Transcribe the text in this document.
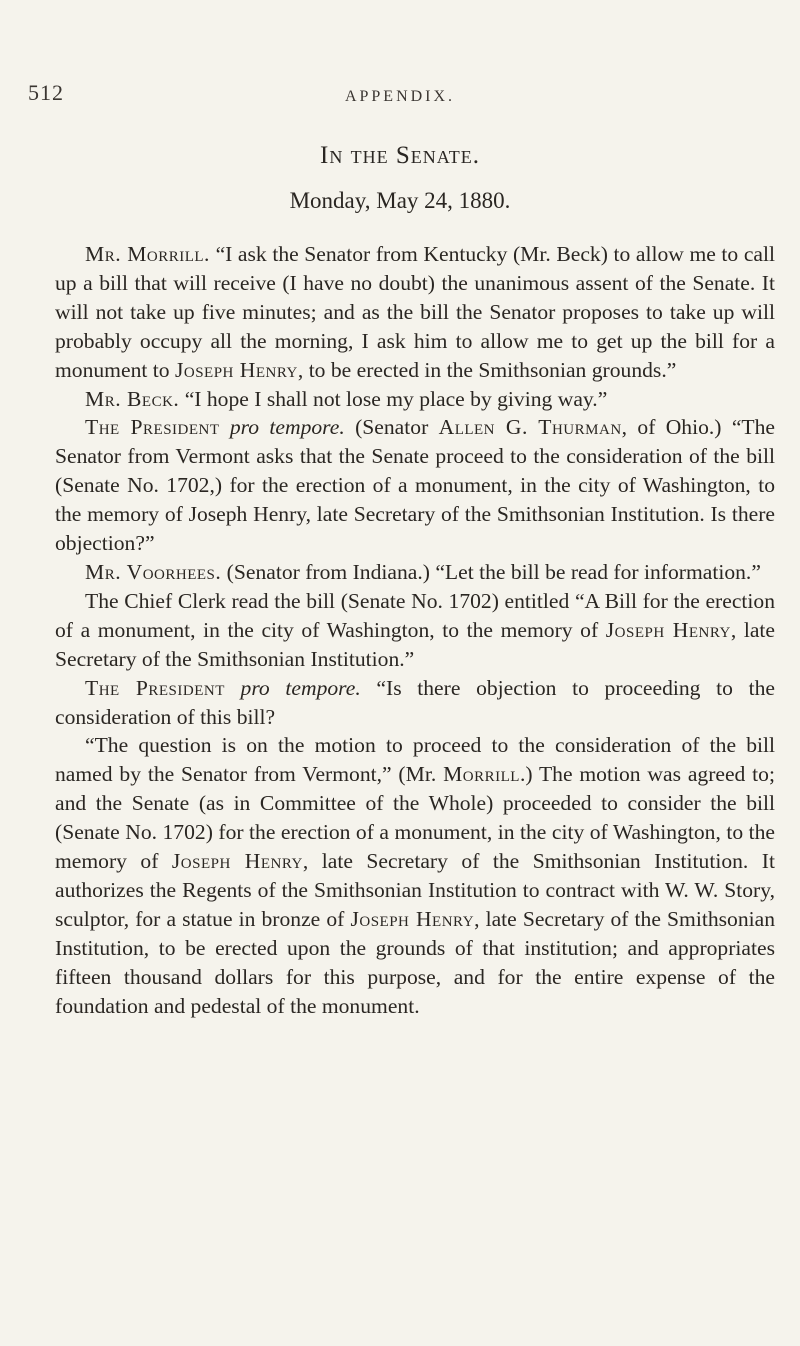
512	APPENDIX.
In the Senate.
Monday, May 24, 1880.

Mr. Morrill. “I ask the Senator from Kentucky (Mr. Beck) to allow me to call up a bill that will receive (I have no doubt) the unanimous assent of the Senate. It will not take up five minutes; and as the bill the Senator proposes to take up will probably occupy all the morning, I ask him to allow me to get up the bill for a monument to Joseph Henry, to be erected in the Smithsonian grounds.”

Mr. Beck. “I hope I shall not lose my place by giving way.”

The President pro tempore. (Senator Allen G. Thurman, of Ohio.) “The Senator from Vermont asks that the Senate proceed to the consideration of the bill (Senate No. 1702,) for the erection of a monument, in the city of Washington, to the memory of Joseph Henry, late Secretary of the Smithsonian Institution. Is there objection?”

Mr. Voorhees. (Senator from Indiana.) “Let the bill be read for information.”

The Chief Clerk read the bill (Senate No. 1702) entitled “A Bill for the erection of a monument, in the city of Washington, to the memory of Joseph Henry, late Secretary of the Smithsonian Institution.”

The President pro tempore. “Is there objection to proceeding to the consideration of this bill?

“The question is on the motion to proceed to the consideration of the bill named by the Senator from Vermont,” (Mr. Morrill.) The motion was agreed to; and the Senate (as in Committee of the Whole) proceeded to consider the bill (Senate No. 1702) for the erection of a monument, in the city of Washington, to the memory of Joseph Henry, late Secretary of the Smithsonian Institution. It authorizes the Regents of the Smithsonian Institution to contract with W. W. Story, sculptor, for a statue in bronze of Joseph Henry, late Secretary of the Smithsonian Institution, to be erected upon the grounds of that institution; and appropriates fifteen thousand dollars for this purpose, and for the entire expense of the foundation and pedestal of the monument.
